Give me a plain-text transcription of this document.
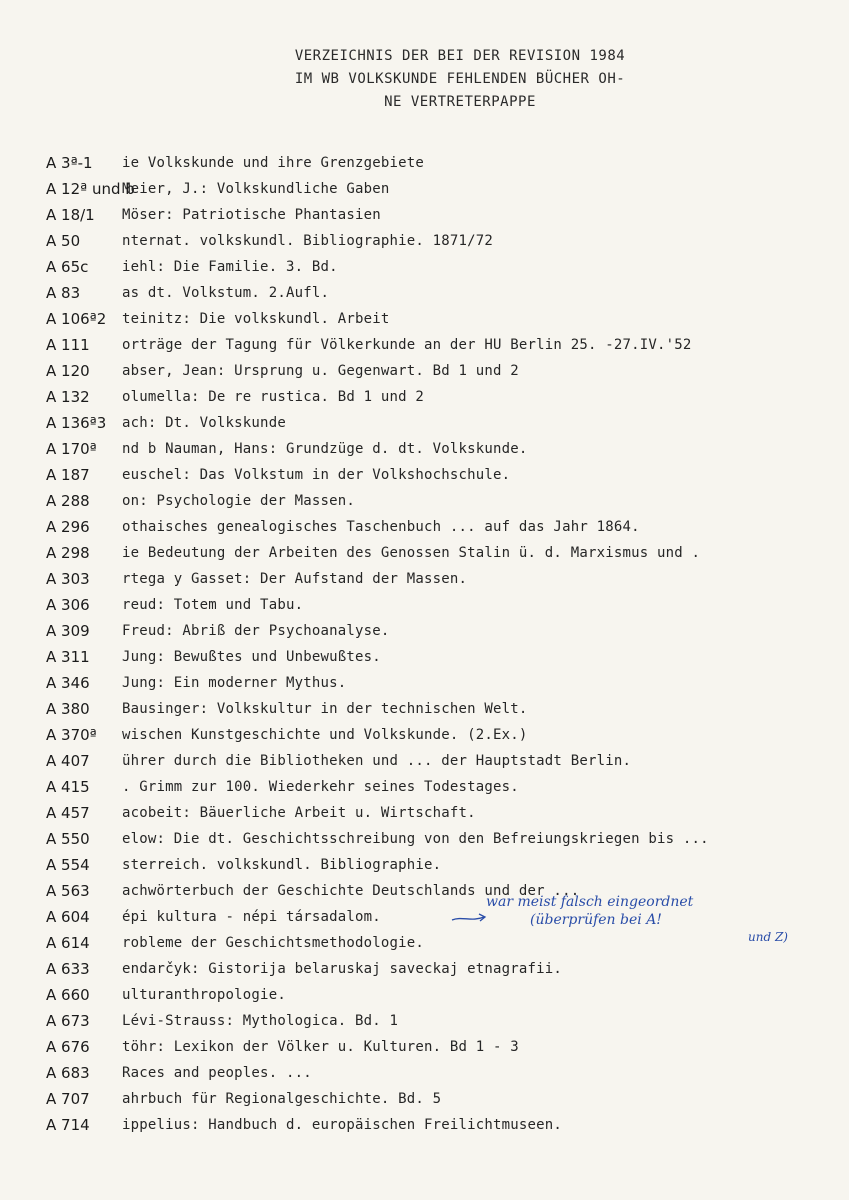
VERZEICHNIS DER BEI DER REVISION 1984
IM WB VOLKSKUNDE FEHLENDEN BÜCHER OH-
NE VERTRETERPAPPE
A 3ª-1 ie Volkskunde und ihre Grenzgebiete
A 12ª und b
Meier, J.: Volkskundliche Gaben
A 18/1 Möser: Patriotische Phantasien
A 50	nternat. volkskundl. Bibliographie. 1871/72
A 65c iehl: Die Familie. 3. Bd.
A 83	as dt. Volkstum. 2.Aufl.
A 106ª2 teinitz: Die volkskundl. Arbeit
A 111 orträge der Tagung für Völkerkunde an der HU Berlin 25. -27.IV.'52
A 120 abser, Jean: Ursprung u. Gegenwart. Bd 1 und 2
A 132 olumella: De re rustica. Bd 1 und 2
A 136ª3 ach: Dt. Volkskunde
A 170ª nd b Nauman, Hans: Grundzüge d. dt. Volkskunde.
A 187 euschel: Das Volkstum in der Volkshochschule.
A 288 on: Psychologie der Massen.
A 296 othaisches genealogisches Taschenbuch ... auf das Jahr 1864.
A 298 ie Bedeutung der Arbeiten des Genossen Stalin ü. d. Marxismus und .
A 303 rtega y Gasset: Der Aufstand der Massen.
A 306 reud: Totem und Tabu.
A 309 Freud: Abriß der Psychoanalyse.
A 311 Jung: Bewußtes und Unbewußtes.
A 346 Jung: Ein moderner Mythus.
A 380 Bausinger: Volkskultur in der technischen Welt.
A 370ª wischen Kunstgeschichte und Volkskunde. (2.Ex.)
A 407 ührer durch die Bibliotheken und ... der Hauptstadt Berlin.
A 415 . Grimm zur 100. Wiederkehr seines Todestages.
A 457 acobeit: Bäuerliche Arbeit u. Wirtschaft.
A 550 elow: Die dt. Geschichtsschreibung von den Befreiungskriegen bis ...
A 554 sterreich. volkskundl. Bibliographie.
A 563 achwörterbuch der Geschichte Deutschlands und der ...
A 604 épi kultura - népi társadalom.
A 614 robleme der Geschichtsmethodologie.
A 633 endarčyk: Gistorija belaruskaj saveckaj etnagrafii.
A 660 ulturanthropologie.
A 673 Lévi-Strauss: Mythologica. Bd. 1
A 676 töhr: Lexikon der Völker u. Kulturen. Bd 1 - 3
A 683 Races and peoples. ...
A 707 ahrbuch für Regionalgeschichte. Bd. 5
A 714 ippelius: Handbuch d. europäischen Freilichtmuseen.
war meist falsch eingeordnet
(überprüfen bei A!
und Z)
